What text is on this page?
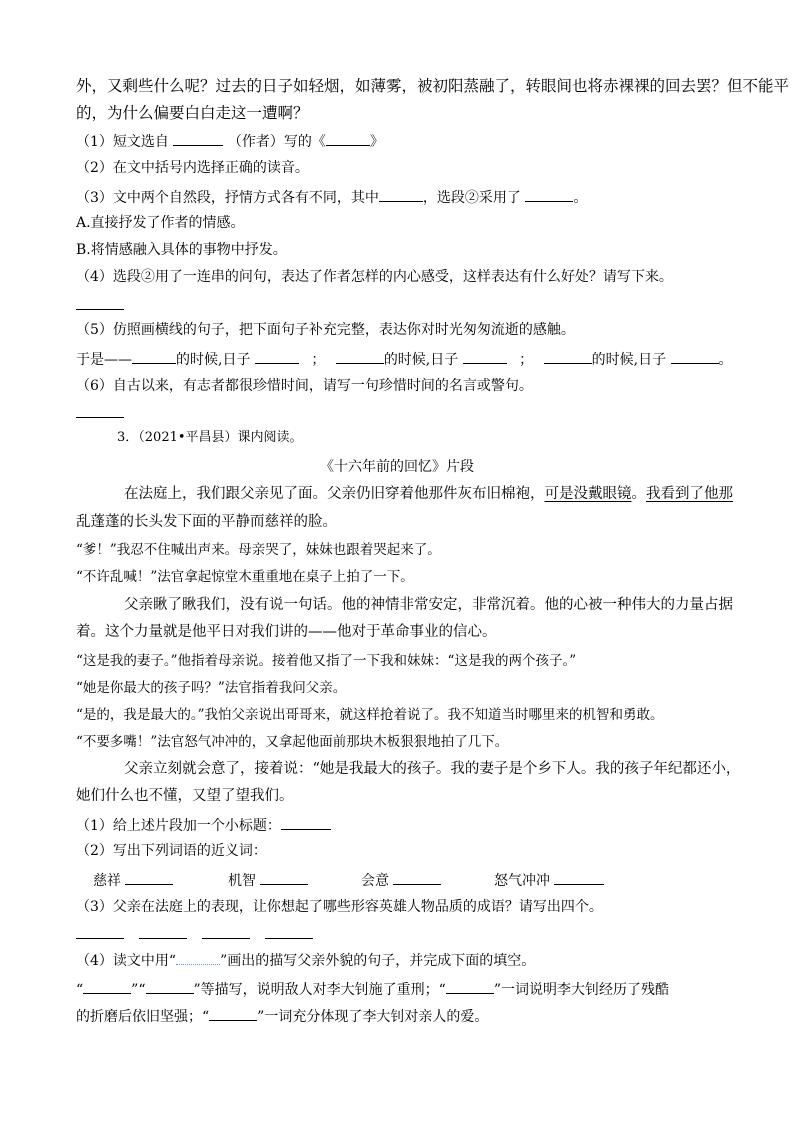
外，又剩些什么呢？过去的日子如轻烟，如薄雾，被初阳蒸融了，转眼间也将赤裸裸的回去罢？但不能平
的，为什么偏要白白走这一遭啊？
（1）短文选自	（作者）写的《	》
（2）在文中括号内选择正确的读音。
（3）文中两个自然段，抒情方式各有不同，其中	，选段②采用了	。
A.直接抒发了作者的情感。
B.将情感融入具体的事物中抒发。
（4）选段②用了一连串的问句，表达了作者怎样的内心感受，这样表达有什么好处？请写下来。
（5）仿照画横线的句子，把下面句子补充完整，表达你对时光匆匆流逝的感触。
于是——	的时候,日子	；	的时候,日子	；	的时候,日子	。
（6）自古以来，有志者都很珍惜时间，请写一句珍惜时间的名言或警句。
3．（2021•平昌县）课内阅读。
《十六年前的回忆》片段
在法庭上，我们跟父亲见了面。父亲仍旧穿着他那件灰布旧棉袍，可是没戴眼镜。我看到了他那
乱蓬蓬的长头发下面的平静而慈祥的脸。
“爹！”我忍不住喊出声来。母亲哭了，妹妹也跟着哭起来了。
“不许乱喊！”法官拿起惊堂木重重地在桌子上拍了一下。
父亲瞅了瞅我们，没有说一句话。他的神情非常安定，非常沉着。他的心被一种伟大的力量占据
着。这个力量就是他平日对我们讲的——他对于革命事业的信心。
“这是我的妻子。”他指着母亲说。接着他又指了一下我和妹妹：“这是我的两个孩子。”
“她是你最大的孩子吗？”法官指着我问父亲。
“是的，我是最大的。”我怕父亲说出哥哥来，就这样抢着说了。我不知道当时哪里来的机智和勇敢。
“不要多嘴！”法官怒气冲冲的，又拿起他面前那块木板狠狠地拍了几下。
父亲立刻就会意了，接着说：“她是我最大的孩子。我的妻子是个乡下人。我的孩子年纪都还小，
她们什么也不懂，又望了望我们。
（1）给上述片段加一个小标题：
（2）写出下列词语的近义词：
慈祥	机智	会意	怒气冲冲
（3）父亲在法庭上的表现，让你想起了哪些形容英雄人物品质的成语？请写出四个。
（4）读文中用“	”画出的描写父亲外貌的句子，并完成下面的填空。
“	”“	”等描写，说明敌人对李大钊施了重刑；“	”一词说明李大钊经历了残酷
的折磨后依旧坚强；“	”一词充分体现了李大钊对亲人的爱。
